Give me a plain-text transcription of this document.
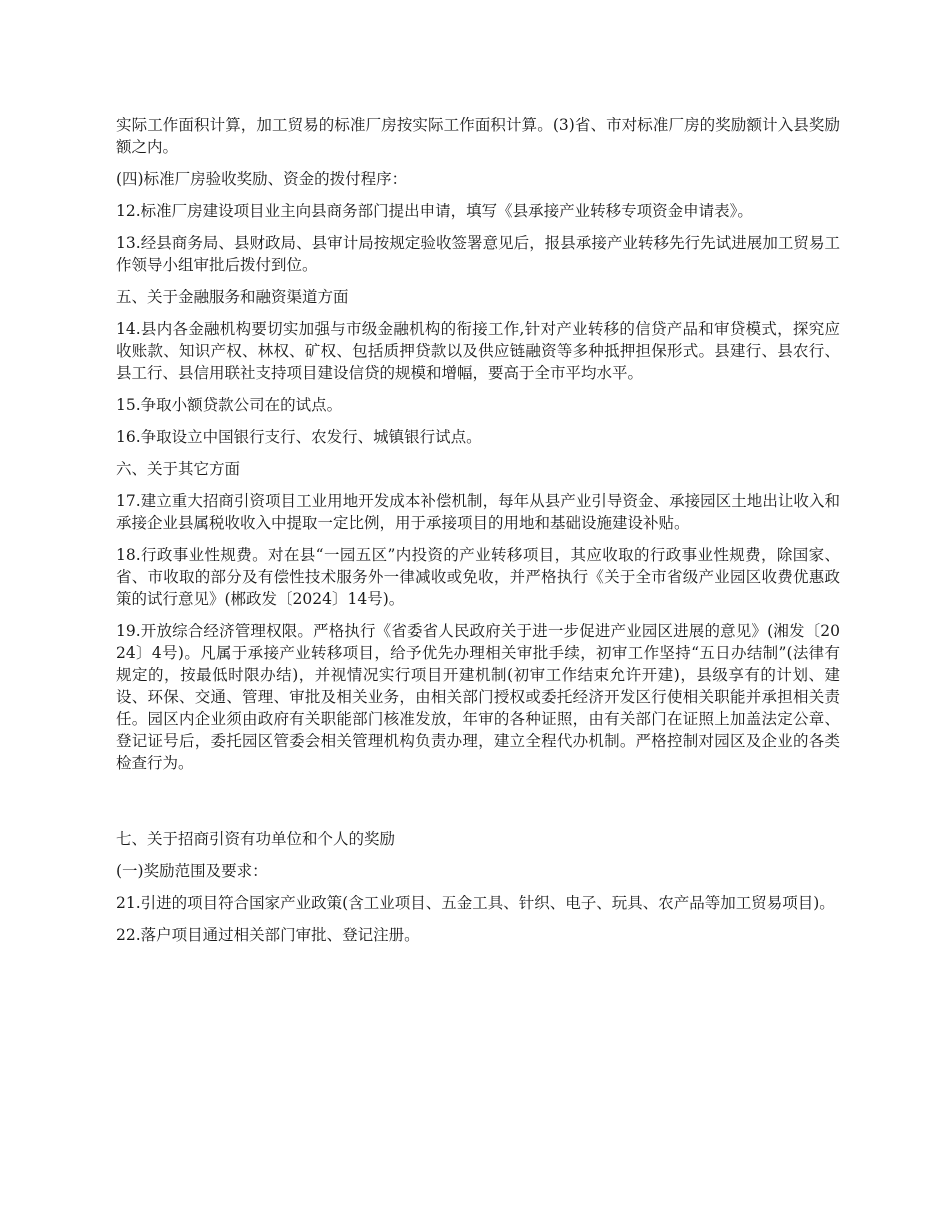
实际工作面积计算，加工贸易的标准厂房按实际工作面积计算。(3)省、市对标准厂房的奖励额计入县奖励额之内。

(四)标准厂房验收奖励、资金的拨付程序：

12.标准厂房建设项目业主向县商务部门提出申请，填写《县承接产业转移专项资金申请表》。

13.经县商务局、县财政局、县审计局按规定验收签署意见后，报县承接产业转移先行先试进展加工贸易工作领导小组审批后拨付到位。

五、关于金融服务和融资渠道方面

14.县内各金融机构要切实加强与市级金融机构的衔接工作,针对产业转移的信贷产品和审贷模式，探究应收账款、知识产权、林权、矿权、包括质押贷款以及供应链融资等多种抵押担保形式。县建行、县农行、县工行、县信用联社支持项目建设信贷的规模和增幅，要高于全市平均水平。

15.争取小额贷款公司在的试点。

16.争取设立中国银行支行、农发行、城镇银行试点。

六、关于其它方面

17.建立重大招商引资项目工业用地开发成本补偿机制，每年从县产业引导资金、承接园区土地出让收入和承接企业县属税收收入中提取一定比例，用于承接项目的用地和基础设施建设补贴。

18.行政事业性规费。对在县“一园五区”内投资的产业转移项目，其应收取的行政事业性规费，除国家、省、市收取的部分及有偿性技术服务外一律减收或免收，并严格执行《关于全市省级产业园区收费优惠政策的试行意见》(郴政发〔2024〕14号)。

19.开放综合经济管理权限。严格执行《省委省人民政府关于进一步促进产业园区进展的意见》(湘发〔2024〕4号)。凡属于承接产业转移项目，给予优先办理相关审批手续，初审工作坚持“五日办结制”(法律有规定的，按最低时限办结)，并视情况实行项目开建机制(初审工作结束允许开建)，县级享有的计划、建设、环保、交通、管理、审批及相关业务，由相关部门授权或委托经济开发区行使相关职能并承担相关责任。园区内企业须由政府有关职能部门核准发放，年审的各种证照，由有关部门在证照上加盖法定公章、登记证号后，委托园区管委会相关管理机构负责办理，建立全程代办机制。严格控制对园区及企业的各类检查行为。

七、关于招商引资有功单位和个人的奖励

(一)奖励范围及要求：

21.引进的项目符合国家产业政策(含工业项目、五金工具、针织、电子、玩具、农产品等加工贸易项目)。

22.落户项目通过相关部门审批、登记注册。
